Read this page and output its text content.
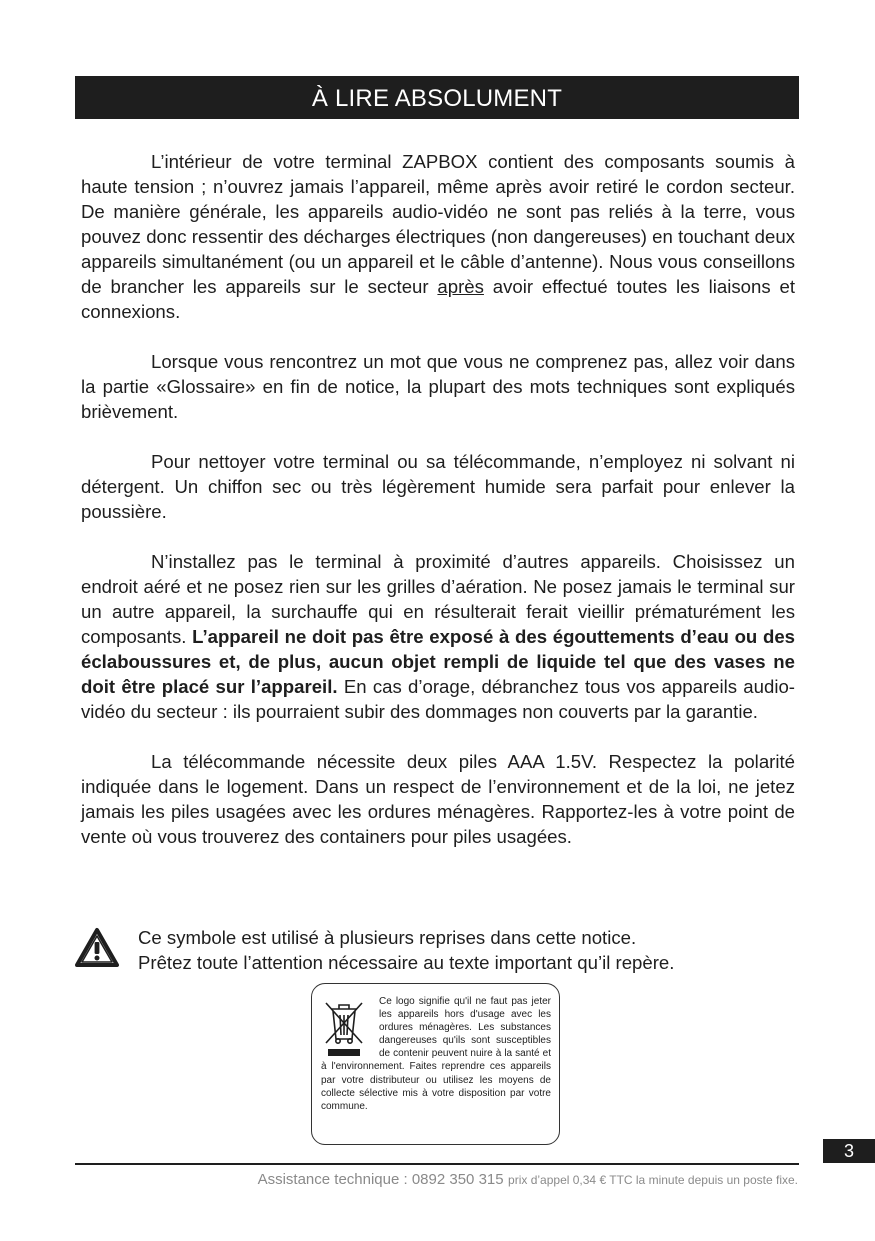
À LIRE ABSOLUMENT

L’intérieur de votre terminal ZAPBOX contient des composants soumis à haute tension ; n’ouvrez jamais l’appareil, même après avoir retiré le cordon secteur. De manière générale, les appareils audio-vidéo ne sont pas reliés à la terre, vous pouvez donc ressentir des décharges électriques (non dangereuses) en touchant deux appareils simultanément (ou un appareil et le câble d’antenne). Nous vous conseillons de brancher les appareils sur le secteur après avoir effectué toutes les liaisons et connexions.

Lorsque vous rencontrez un mot que vous ne comprenez pas, allez voir dans la partie «Glossaire» en fin de notice, la plupart des mots techniques sont expliqués brièvement.

Pour nettoyer votre terminal ou sa télécommande, n’employez ni solvant ni détergent. Un chiffon sec ou très légèrement humide sera parfait pour enlever la poussière.

N’installez pas le terminal à proximité d’autres appareils. Choisissez un endroit aéré et ne posez rien sur les grilles d’aération. Ne posez jamais le terminal sur un autre appareil, la surchauffe qui en résulterait ferait vieillir prématurément les composants. L’appareil ne doit pas être exposé à des égouttements d’eau ou des éclaboussures et, de plus, aucun objet rempli de liquide tel que des vases ne doit être placé sur l’appareil. En cas d’orage, débranchez tous vos appareils audio-vidéo du secteur : ils pourraient subir des dommages non couverts par la garantie.

La télécommande nécessite deux piles AAA 1.5V. Respectez la polarité indiquée dans le logement. Dans un respect de l’environnement et de la loi, ne jetez jamais les piles usagées avec les ordures ménagères. Rapportez-les à votre point de vente où vous trouverez des containers pour piles usagées.

Ce symbole est utilisé à plusieurs reprises dans cette notice.
Prêtez toute l’attention nécessaire au texte important qu’il repère.
Ce logo signifie qu'il ne faut pas jeter les appareils hors d'usage avec les ordures ménagères. Les substances dangereuses qu'ils sont susceptibles de contenir peuvent nuire à la santé et à l'environnement. Faites reprendre ces appareils par votre distributeur ou utilisez les moyens de collecte sélective mis à votre disposition par votre commune.
3
Assistance technique : 0892 350 315 prix d’appel 0,34 € TTC la minute depuis un poste fixe.
